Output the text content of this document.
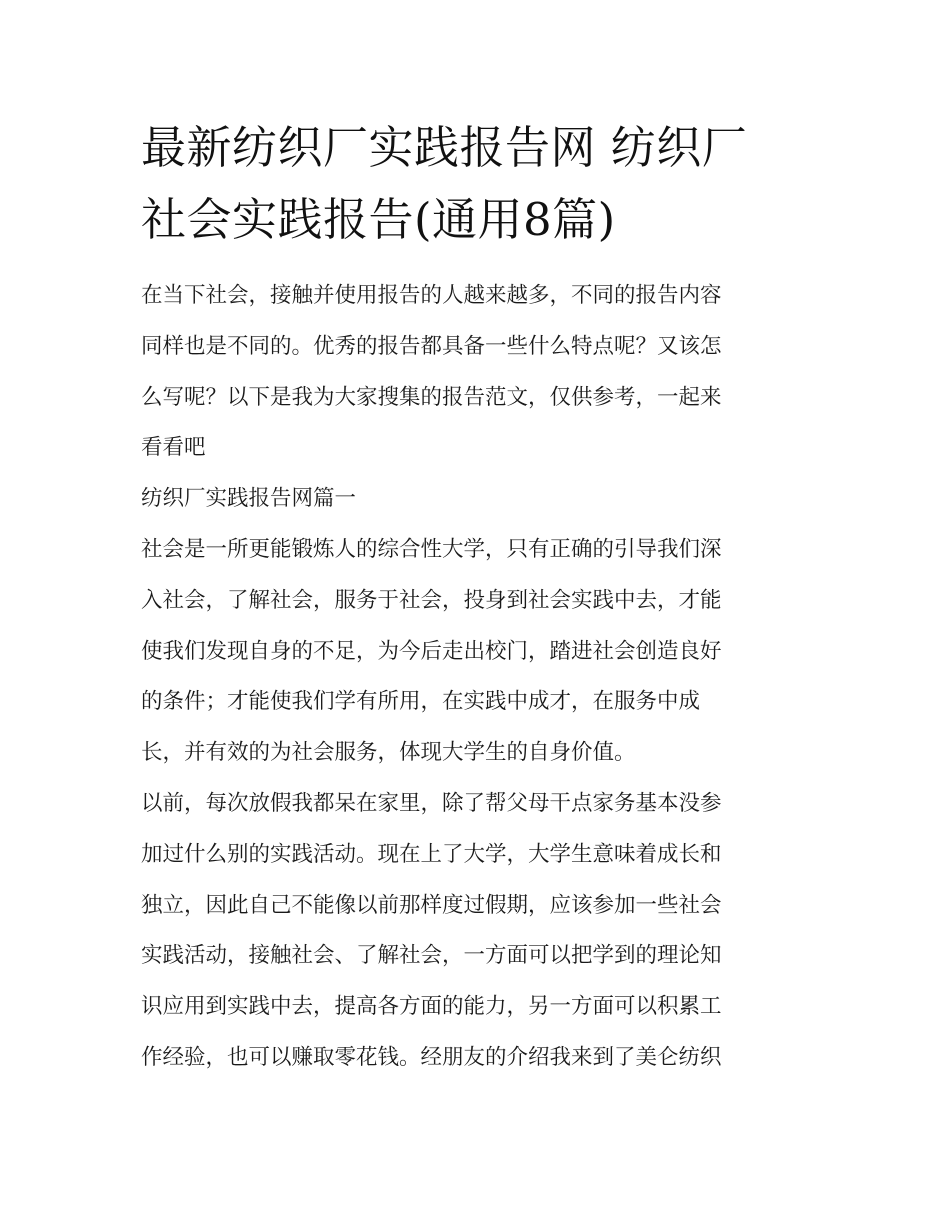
最新纺织厂实践报告网 纺织厂
社会实践报告(通用8篇)

在当下社会，接触并使用报告的人越来越多，不同的报告内容
同样也是不同的。优秀的报告都具备一些什么特点呢？又该怎
么写呢？以下是我为大家搜集的报告范文，仅供参考，一起来
看看吧

纺织厂实践报告网篇一

社会是一所更能锻炼人的综合性大学，只有正确的引导我们深
入社会，了解社会，服务于社会，投身到社会实践中去，才能
使我们发现自身的不足，为今后走出校门，踏进社会创造良好
的条件；才能使我们学有所用，在实践中成才，在服务中成
长，并有效的为社会服务，体现大学生的自身价值。

以前，每次放假我都呆在家里，除了帮父母干点家务基本没参
加过什么别的实践活动。现在上了大学，大学生意味着成长和
独立，因此自己不能像以前那样度过假期，应该参加一些社会
实践活动，接触社会、了解社会，一方面可以把学到的理论知
识应用到实践中去，提高各方面的能力，另一方面可以积累工
作经验，也可以赚取零花钱。经朋友的介绍我来到了美仑纺织
